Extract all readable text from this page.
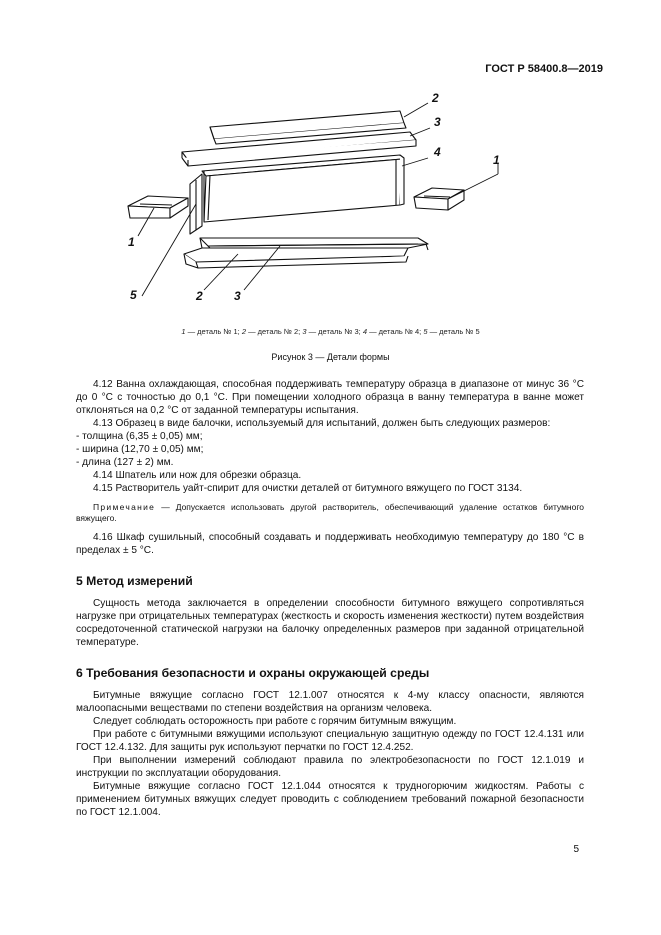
ГОСТ Р 58400.8—2019
2
3
4
1
1
5	2	3
1 — деталь № 1; 2 — деталь № 2; 3 — деталь № 3; 4 — деталь № 4; 5 — деталь № 5
Рисунок 3 — Детали формы

4.12 Ванна охлаждающая, способная поддерживать температуру образца в диапазоне от минус 36 °С до 0 °С с точностью до 0,1 °С. При помещении холодного образца в ванну температура в ванне может отклоняться на 0,2 °С от заданной температуры испытания.

4.13 Образец в виде балочки, используемый для испытаний, должен быть следующих размеров:

- толщина (6,35 ± 0,05) мм;
- ширина (12,70 ± 0,05) мм;
- длина (127 ± 2) мм.

4.14 Шпатель или нож для обрезки образца.

4.15 Растворитель уайт-спирит для очистки деталей от битумного вяжущего по ГОСТ 3134.

Примечание — Допускается использовать другой растворитель, обеспечивающий удаление остатков битумного вяжущего.

4.16 Шкаф сушильный, способный создавать и поддерживать необходимую температуру до 180 °С в пределах ± 5 °С.

5 Метод измерений

Сущность метода заключается в определении способности битумного вяжущего сопротивляться нагрузке при отрицательных температурах (жесткость и скорость изменения жесткости) путем воздействия сосредоточенной статической нагрузки на балочку определенных размеров при заданной отрицательной температуре.

6 Требования безопасности и охраны окружающей среды

Битумные вяжущие согласно ГОСТ 12.1.007 относятся к 4-му классу опасности, являются малоопасными веществами по степени воздействия на организм человека.

Следует соблюдать осторожность при работе с горячим битумным вяжущим.

При работе с битумными вяжущими используют специальную защитную одежду по ГОСТ 12.4.131 или ГОСТ 12.4.132. Для защиты рук используют перчатки по ГОСТ 12.4.252.

При выполнении измерений соблюдают правила по электробезопасности по ГОСТ 12.1.019 и инструкции по эксплуатации оборудования.

Битумные вяжущие согласно ГОСТ 12.1.044 относятся к трудногорючим жидкостям. Работы с применением битумных вяжущих следует проводить с соблюдением требований пожарной безопасности по ГОСТ 12.1.004.

5
